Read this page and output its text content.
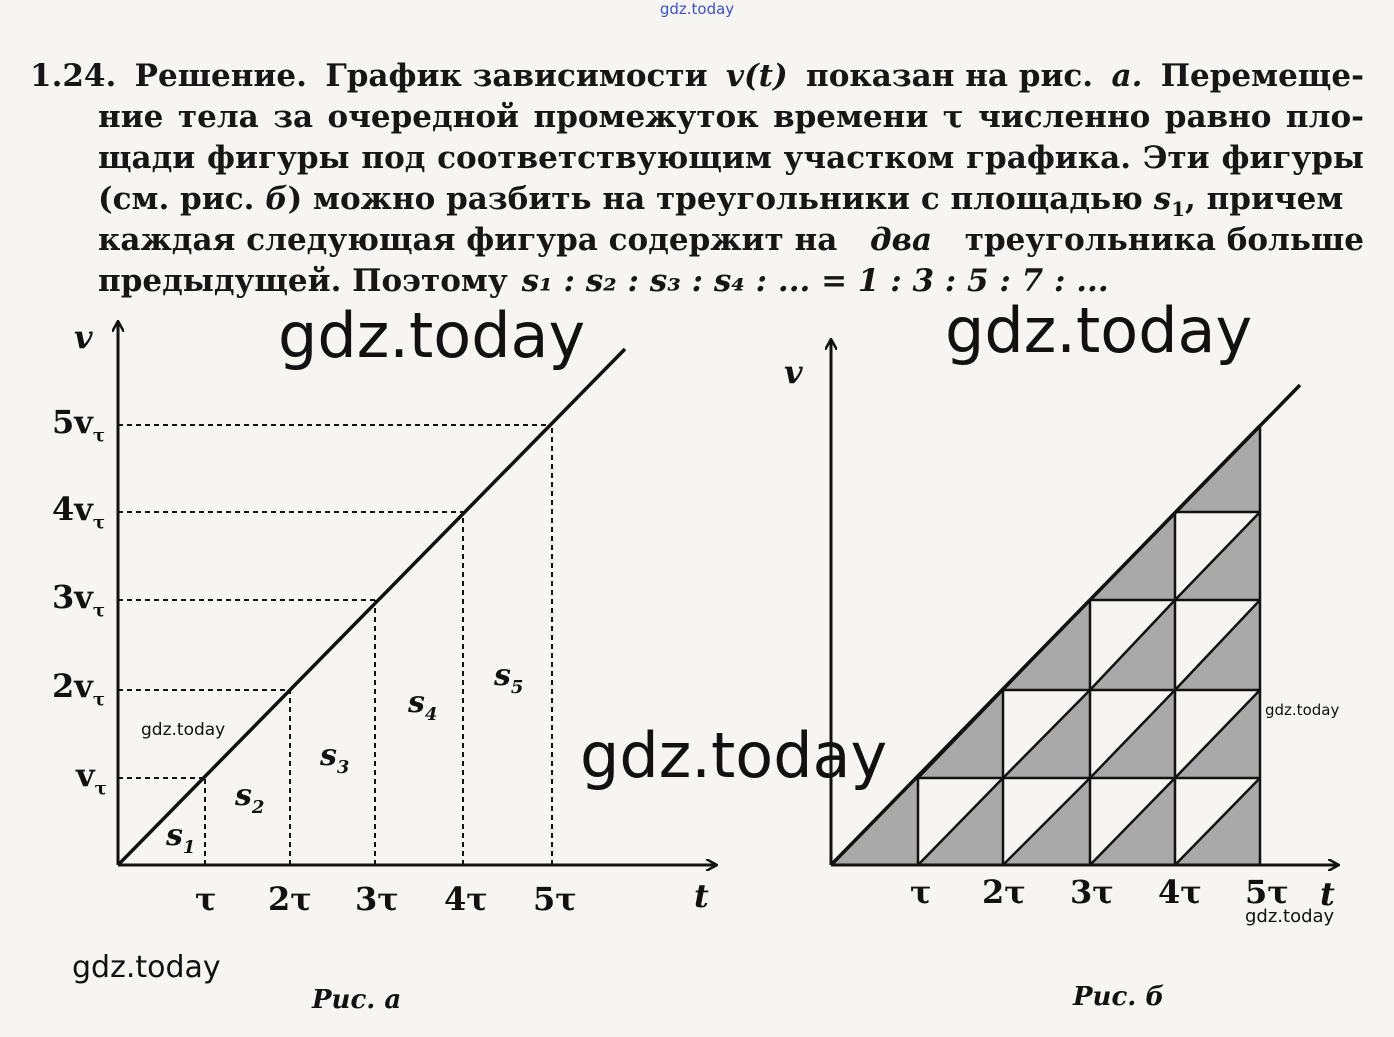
gdz.today
1.24. Решение. График зависимости v(t) показан на рис. а. Перемеще-
ние тела за очередной промежуток времени τ численно равно пло-
щади фигуры под соответствующим участком графика. Эти фигуры
(см. рис. б) можно разбить на треугольники с площадью $s_1$, причем
каждая следующая фигура содержит на два треугольника больше
предыдущей. Поэтому s₁ : s₂ : s₃ : s₄ : ... = 1 : 3 : 5 : 7 : ...
v
t
$5v_\tau$
$4v_\tau$
$3v_\tau$
$2v_\tau$
$v_\tau$
τ 2τ 3τ 4τ 5τ
$s_1$
$s_2$
$s_3$
$s_4$
$s_5$
Рис. а
v
t
τ 2τ 3τ 4τ 5τ
Рис. б
gdz.today	gdz.today
gdz.today
gdz.today
gdz.today
gdz.today
gdz.today
